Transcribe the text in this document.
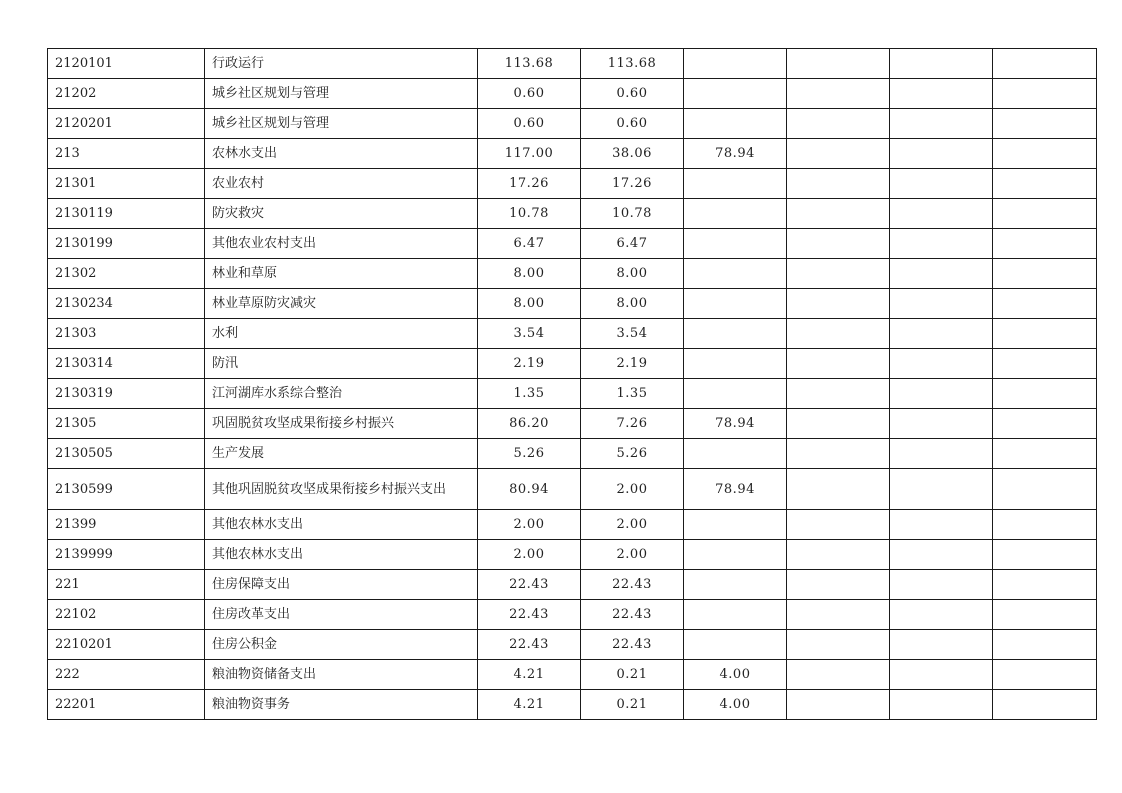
2120101	行政运行	113.68	113.68				
21202	城乡社区规划与管理	0.60	0.60				
2120201	城乡社区规划与管理	0.60	0.60				
213	农林水支出	117.00	38.06	78.94			
21301	农业农村	17.26	17.26				
2130119	防灾救灾	10.78	10.78				
2130199	其他农业农村支出	6.47	6.47				
21302	林业和草原	8.00	8.00				
2130234	林业草原防灾减灾	8.00	8.00				
21303	水利	3.54	3.54				
2130314	防汛	2.19	2.19				
2130319	江河湖库水系综合整治	1.35	1.35				
21305	巩固脱贫攻坚成果衔接乡村振兴	86.20	7.26	78.94			
2130505	生产发展	5.26	5.26				
2130599	其他巩固脱贫攻坚成果衔接乡村振兴支出	80.94	2.00	78.94			
21399	其他农林水支出	2.00	2.00				
2139999	其他农林水支出	2.00	2.00				
221	住房保障支出	22.43	22.43				
22102	住房改革支出	22.43	22.43				
2210201	住房公积金	22.43	22.43				
222	粮油物资储备支出	4.21	0.21	4.00			
22201	粮油物资事务	4.21	0.21	4.00			
